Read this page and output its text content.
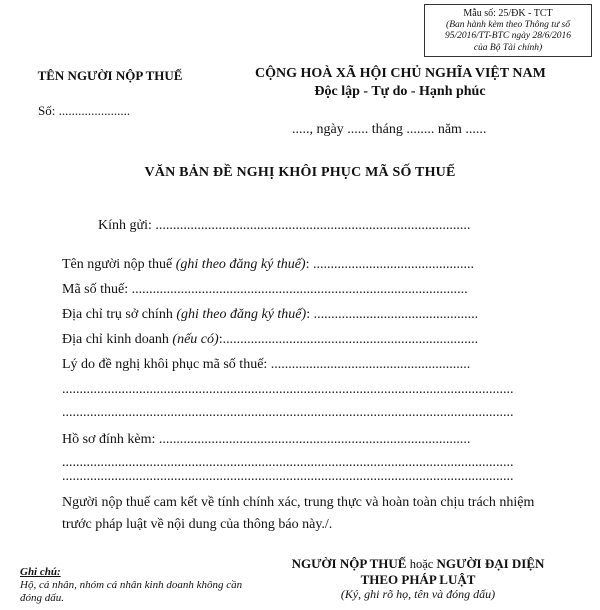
Mẫu số: 25/ĐK - TCT
(Ban hành kèm theo Thông tư số
95/2016/TT-BTC ngày 28/6/2016
của Bộ Tài chính)
TÊN NGƯỜI NỘP THUẾ
Số: ......................
CỘNG HOÀ XÃ HỘI CHỦ NGHĨA VIỆT NAM
Độc lập - Tự do - Hạnh phúc
....., ngày ...... tháng ........ năm ......
VĂN BẢN ĐỀ NGHỊ KHÔI PHỤC MÃ SỐ THUẾ
Kính gửi: ..........................................................................................
Tên người nộp thuế (ghi theo đăng ký thuế): ..............................................
Mã số thuế: ................................................................................................
Địa chỉ trụ sở chính (ghi theo đăng ký thuế): ...............................................
Địa chỉ kinh doanh (nếu có):.........................................................................
Lý do đề nghị khôi phục mã số thuế: .........................................................
.................................................................................................................................
.................................................................................................................................
Hồ sơ đính kèm: .........................................................................................
.................................................................................................................................
.................................................................................................................................
Người nộp thuế cam kết về tính chính xác, trung thực và hoàn toàn chịu trách nhiệm trước pháp luật về nội dung của thông báo này./.
Ghi chú:
Hộ, cá nhân, nhóm cá nhân kinh doanh không cần đóng dấu.
NGƯỜI NỘP THUẾ hoặc NGƯỜI ĐẠI DIỆN
THEO PHÁP LUẬT
(Ký, ghi rõ họ, tên và đóng dấu)
